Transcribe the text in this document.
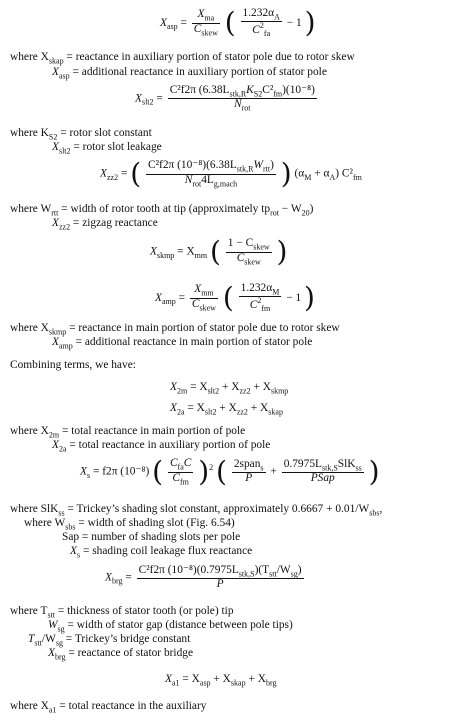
$X_{asp} = \frac{X_{ma}}{C_{skew}}$ ( $\frac{1.232\alpha_A}{C^2_{fa}} - 1$ )
where $X_{skap}$ = reactance in auxiliary portion of stator pole due to rotor skew
$X_{asp}$ = additional reactance in auxiliary portion of stator pole
$X_{slt2} = \frac{C^2f2\pi (6.38L_{stk,R}K_{S2}C^2_{fm})(10^{-8})}{N_{rot}}$
where $K_{S2}$ = rotor slot constant
$X_{slt2}$ = rotor slot leakage
$X_{zz2}$ = ( $\frac{C^2f2\pi (10^{-8})(6.38L_{stk,R}W_{rtt})}{N_{rot}4L_{g,mach}}$ ) $(\alpha_M + \alpha_A)$ $C^2_{fm}$
where $W_{rtt}$ = width of rotor tooth at tip (approximately $tp_{rot} - W_{20}$)
$X_{zz2}$ = zigzag reactance
$X_{skmp} = X_{mm}$ ( $\frac{1 - C_{skew}}{C_{skew}}$ )
$X_{amp} = \frac{X_{mm}}{C_{skew}}$ ( $\frac{1.232\alpha_M}{C^2_{fm}} - 1$ )
where $X_{skmp}$ = reactance in main portion of stator pole due to rotor skew
$X_{amp}$ = additional reactance in main portion of stator pole
Combining terms, we have:
$X_{2m} = X_{slt2} + X_{zz2} + X_{skmp}$
$X_{2a} = X_{slt2} + X_{zz2} + X_{skap}$
where $X_{2m}$ = total reactance in main portion of pole
$X_{2a}$ = total reactance in auxiliary portion of pole
$X_s = f2\pi$ (10⁻⁸) ( $\frac{C_{fa}C}{C_{fm}} )^2$ ( $\frac{2span_s}{P} + \frac{0.7975L_{stk,S}SlK_{ss}}{\text{PSap}}$ )
where SlK$_{ss}$ = Trickey’s shading slot constant, approximately $0.6667 + 0.01/W_{sbs}$,
where $W_{sbs}$ = width of shading slot (Fig. 6.54)
Sap = number of shading slots per pole
$X_s$ = shading coil leakage flux reactance
$X_{brg} = \frac{C^2f2\pi (10^{-8})(0.7975L_{stk,S})(T_{stt}/W_{sg})}{P}$
where $T_{stt}$ = thickness of stator tooth (or pole) tip
$W_{sg}$ = width of stator gap (distance between pole tips)
$T_{stt}/W_{sg}$ = Trickey’s bridge constant
$X_{brg}$ = reactance of stator bridge
$X_{a1} = X_{asp} + X_{skap} + X_{brg}$
where $X_{a1}$ = total reactance in the auxiliary
